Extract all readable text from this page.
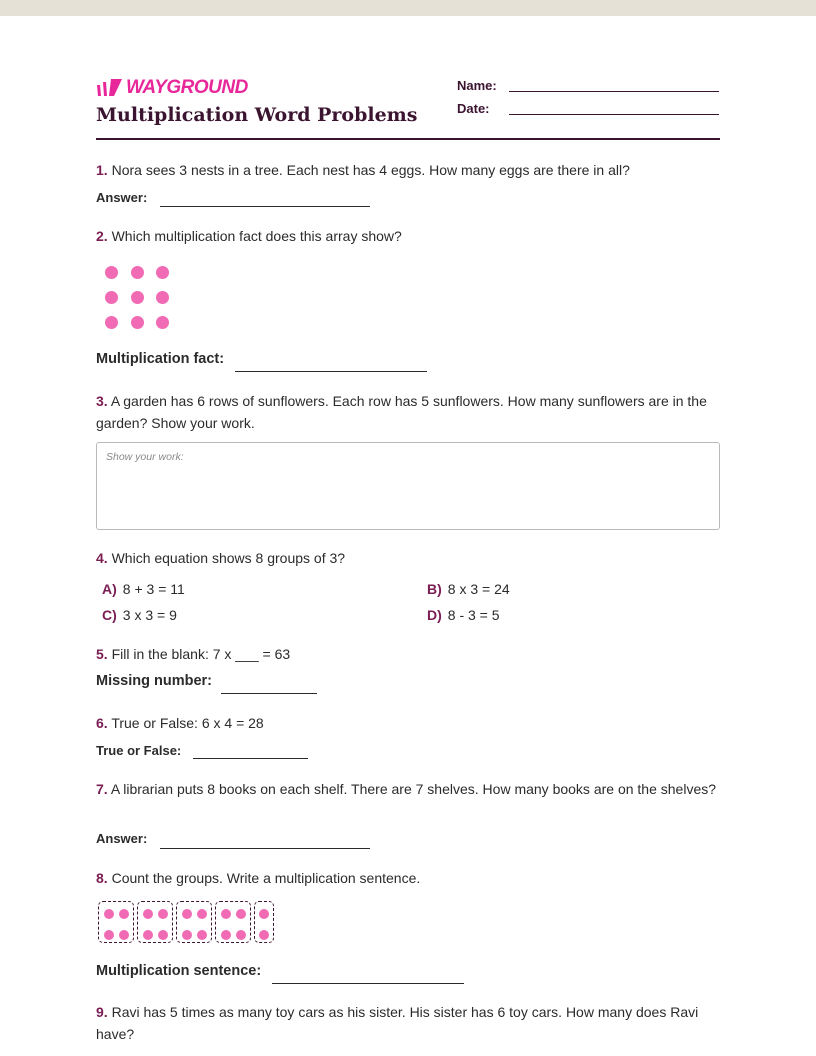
WAYGROUND
Multiplication Word Problems
Name:
Date:
1. Nora sees 3 nests in a tree. Each nest has 4 eggs. How many eggs are there in all?
Answer:
2. Which multiplication fact does this array show?
Multiplication fact:
3. A garden has 6 rows of sunflowers. Each row has 5 sunflowers. How many sunflowers are in the garden? Show your work.
Show your work:
4. Which equation shows 8 groups of 3?
A) 8 + 3 = 11	B) 8 x 3 = 24
C) 3 x 3 = 9	D) 8 - 3 = 5
5. Fill in the blank: 7 x ___ = 63
Missing number:
6. True or False: 6 x 4 = 28
True or False:
7. A librarian puts 8 books on each shelf. There are 7 shelves. How many books are on the shelves?
Answer:
8. Count the groups. Write a multiplication sentence.
Multiplication sentence:
9. Ravi has 5 times as many toy cars as his sister. His sister has 6 toy cars. How many does Ravi have?
